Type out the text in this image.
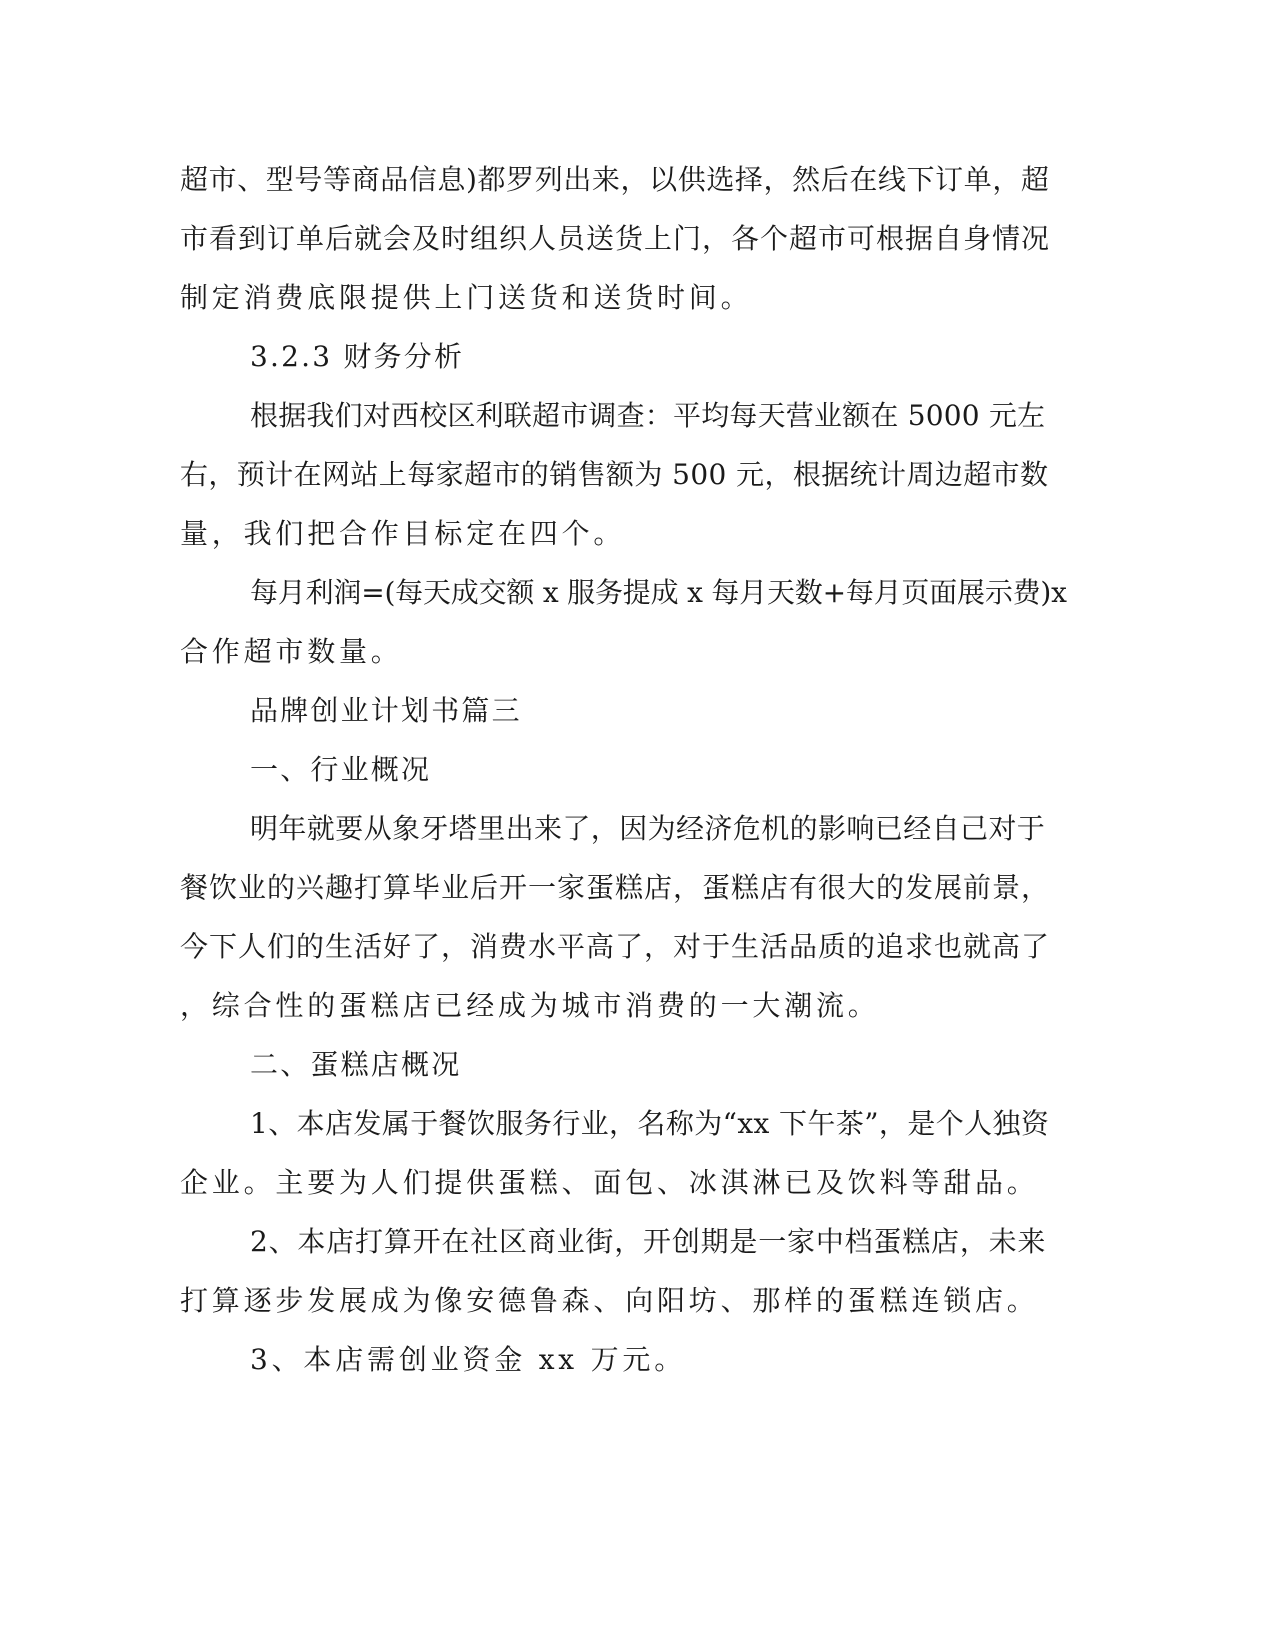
超市、型号等商品信息)都罗列出来，以供选择，然后在线下订单，超
市看到订单后就会及时组织人员送货上门，各个超市可根据自身情况
制定消费底限提供上门送货和送货时间。
3.2.3 财务分析
根据我们对西校区利联超市调查：平均每天营业额在 5000 元左
右，预计在网站上每家超市的销售额为 500 元，根据统计周边超市数
量，我们把合作目标定在四个。
每月利润=(每天成交额 x 服务提成 x 每月天数+每月页面展示费)x
合作超市数量。
品牌创业计划书篇三
一、行业概况
明年就要从象牙塔里出来了，因为经济危机的影响已经自己对于
餐饮业的兴趣打算毕业后开一家蛋糕店，蛋糕店有很大的发展前景，
今下人们的生活好了，消费水平高了，对于生活品质的追求也就高了
，综合性的蛋糕店已经成为城市消费的一大潮流。
二、蛋糕店概况
1、本店发属于餐饮服务行业，名称为“xx 下午茶”，是个人独资
企业。主要为人们提供蛋糕、面包、冰淇淋已及饮料等甜品。
2、本店打算开在社区商业街，开创期是一家中档蛋糕店，未来
打算逐步发展成为像安德鲁森、向阳坊、那样的蛋糕连锁店。
3、本店需创业资金 xx 万元。
